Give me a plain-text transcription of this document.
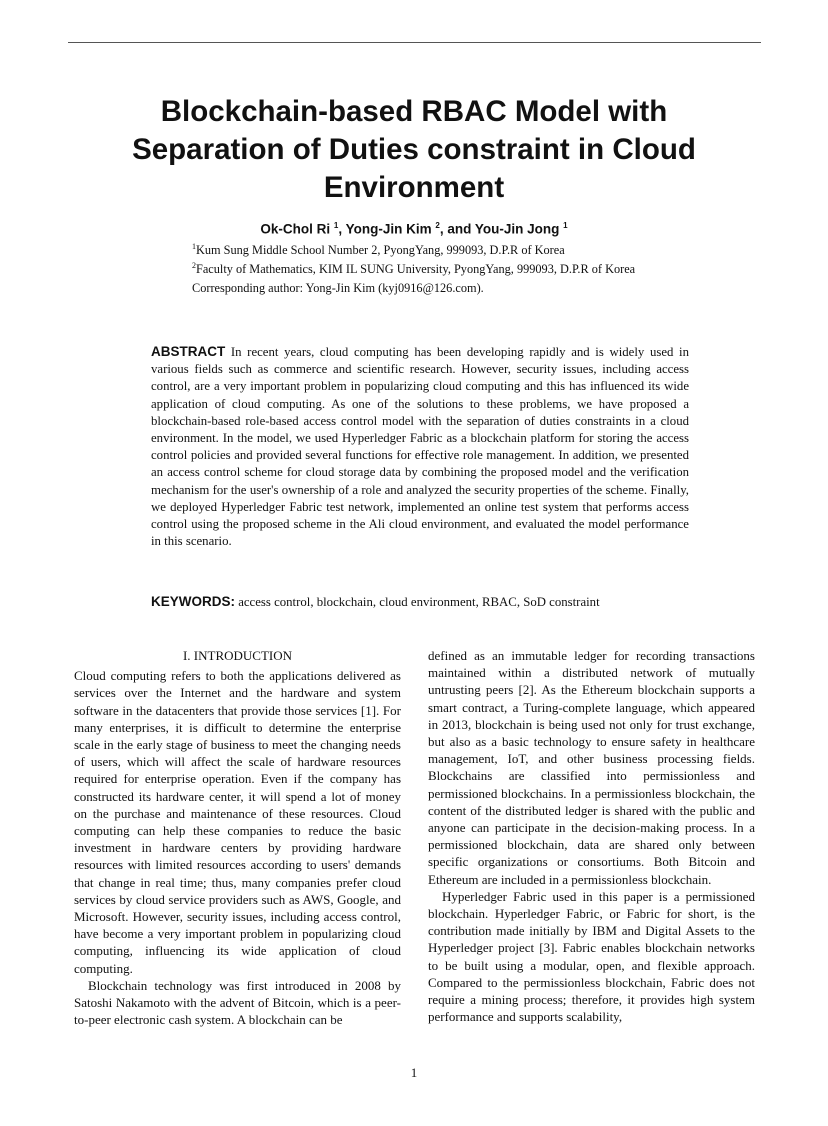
Blockchain-based RBAC Model with Separation of Duties constraint in Cloud Environment
Ok-Chol Ri $^1$, Yong-Jin Kim $^2$, and You-Jin Jong $^1$
$^1$Kum Sung Middle School Number 2, PyongYang, 999093, D.P.R of Korea
$^2$Faculty of Mathematics, KIM IL SUNG University, PyongYang, 999093, D.P.R of Korea
Corresponding author: Yong-Jin Kim (kyj0916@126.com).

ABSTRACT In recent years, cloud computing has been developing rapidly and is widely used in various fields such as commerce and scientific research. However, security issues, including access control, are a very important problem in popularizing cloud computing and this has influenced its wide application of cloud computing. As one of the solutions to these problems, we have proposed a blockchain-based role-based access control model with the separation of duties constraints in a cloud environment. In the model, we used Hyperledger Fabric as a blockchain platform for storing the access control policies and provided several functions for effective role management. In addition, we presented an access control scheme for cloud storage data by combining the proposed model and the verification mechanism for the user's ownership of a role and analyzed the security properties of the scheme. Finally, we deployed Hyperledger Fabric test network, implemented an online test system that performs access control using the proposed scheme in the Ali cloud environment, and evaluated the model performance in this scenario.

KEYWORDS: access control, blockchain, cloud environment, RBAC, SoD constraint

I. INTRODUCTION

Cloud computing refers to both the applications delivered as services over the Internet and the hardware and system software in the datacenters that provide those services [1]. For many enterprises, it is difficult to determine the enterprise scale in the early stage of business to meet the changing needs of users, which will affect the scale of hardware resources required for enterprise operation. Even if the company has constructed its hardware center, it will spend a lot of money on the purchase and maintenance of these resources. Cloud computing can help these companies to reduce the basic investment in hardware centers by providing hardware resources with limited resources according to users' demands that change in real time; thus, many companies prefer cloud services by cloud service providers such as AWS, Google, and Microsoft. However, security issues, including access control, have become a very important problem in popularizing cloud computing, influencing its wide application of cloud computing.

Blockchain technology was first introduced in 2008 by Satoshi Nakamoto with the advent of Bitcoin, which is a peer-to-peer electronic cash system. A blockchain can be

defined as an immutable ledger for recording transactions maintained within a distributed network of mutually untrusting peers [2]. As the Ethereum blockchain supports a smart contract, a Turing-complete language, which appeared in 2013, blockchain is being used not only for trust exchange, but also as a basic technology to ensure safety in healthcare management, IoT, and other business processing fields. Blockchains are classified into permissionless and permissioned blockchains. In a permissionless blockchain, the content of the distributed ledger is shared with the public and anyone can participate in the decision-making process. In a permissioned blockchain, data are shared only between specific organizations or consortiums. Both Bitcoin and Ethereum are included in a permissionless blockchain.

Hyperledger Fabric used in this paper is a permissioned blockchain. Hyperledger Fabric, or Fabric for short, is the contribution made initially by IBM and Digital Assets to the Hyperledger project [3]. Fabric enables blockchain networks to be built using a modular, open, and flexible approach. Compared to the permissionless blockchain, Fabric does not require a mining process; therefore, it provides high system performance and supports scalability,

1
